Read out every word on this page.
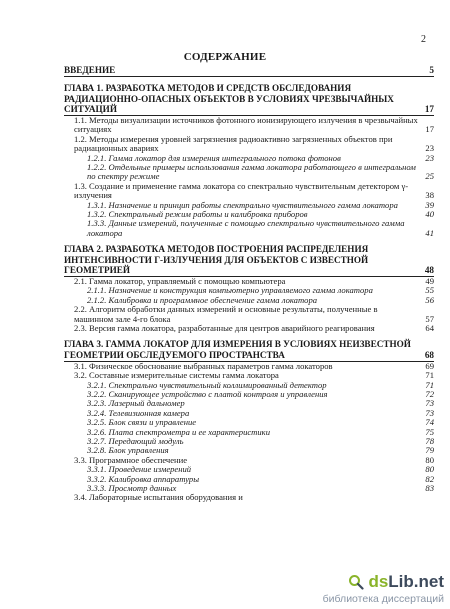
2
СОДЕРЖАНИЕ
ВВЕДЕНИЕ	5
ГЛАВА 1. РАЗРАБОТКА МЕТОДОВ И СРЕДСТВ ОБСЛЕДОВАНИЯ РАДИАЦИОННО-ОПАСНЫХ ОБЪЕКТОВ В УСЛОВИЯХ ЧРЕЗВЫЧАЙНЫХ СИТУАЦИЙ	17
1.1. Методы визуализации источников фотонного ионизирующего излучения в чрезвычайных ситуациях	17
1.2. Методы измерения уровней загрязнения радиоактивно загрязненных объектов при радиационных авариях	23
1.2.1. Гамма локатор для измерения интегрального потока фотонов	23
1.2.2. Отдельные примеры использования гамма локатора работающего в интегральном по спектру режиме	25
1.3. Создание и применение гамма локатора со спектрально чувствительным детектором γ-излучения	38
1.3.1. Назначение и принцип работы спектрально чувствительного гамма локатора	39
1.3.2. Спектральный режим работы и калибровка приборов	40
1.3.3. Данные измерений, полученные с помощью спектрально чувствительного гамма локатора	41
ГЛАВА 2. РАЗРАБОТКА МЕТОДОВ ПОСТРОЕНИЯ РАСПРЕДЕЛЕНИЯ ИНТЕНСИВНОСТИ Г-ИЗЛУЧЕНИЯ ДЛЯ ОБЪЕКТОВ С ИЗВЕСТНОЙ ГЕОМЕТРИЕЙ	48
2.1. Гамма локатор, управляемый с помощью компьютера	49
2.1.1. Назначение и конструкция компьютерно управляемого гамма локатора	55
2.1.2. Калибровка и программное обеспечение гамма локатора	56
2.2. Алгоритм обработки данных измерений и основные результаты, полученные в машинном зале 4-го блока	57
2.3. Версия гамма локатора, разработанные для центров аварийного реагирования	64
ГЛАВА 3. ГАММА ЛОКАТОР ДЛЯ ИЗМЕРЕНИЯ В УСЛОВИЯХ НЕИЗВЕСТНОЙ ГЕОМЕТРИИ ОБСЛЕДУЕМОГО ПРОСТРАНСТВА	68
3.1. Физическое обоснование выбранных параметров гамма локаторов	69
3.2. Составные измерительные системы гамма локатора	71
3.2.1. Спектрально чувствительный коллимированный детектор	71
3.2.2. Сканирующее устройство с платой контроля и управления	72
3.2.3. Лазерный дальномер	73
3.2.4. Телевизионная камера	73
3.2.5. Блок связи и управление	74
3.2.6. Плата спектрометра и ее характеристики	75
3.2.7. Передающий модуль	78
3.2.8. Блок управления	79
3.3. Программное обеспечение	80
3.3.1. Проведение измерений	80
3.3.2. Калибровка аппаратуры	82
3.3.3. Просмотр данных	83
3.4. Лабораторные испытания оборудования и
dsLib.net
библиотека диссертаций
